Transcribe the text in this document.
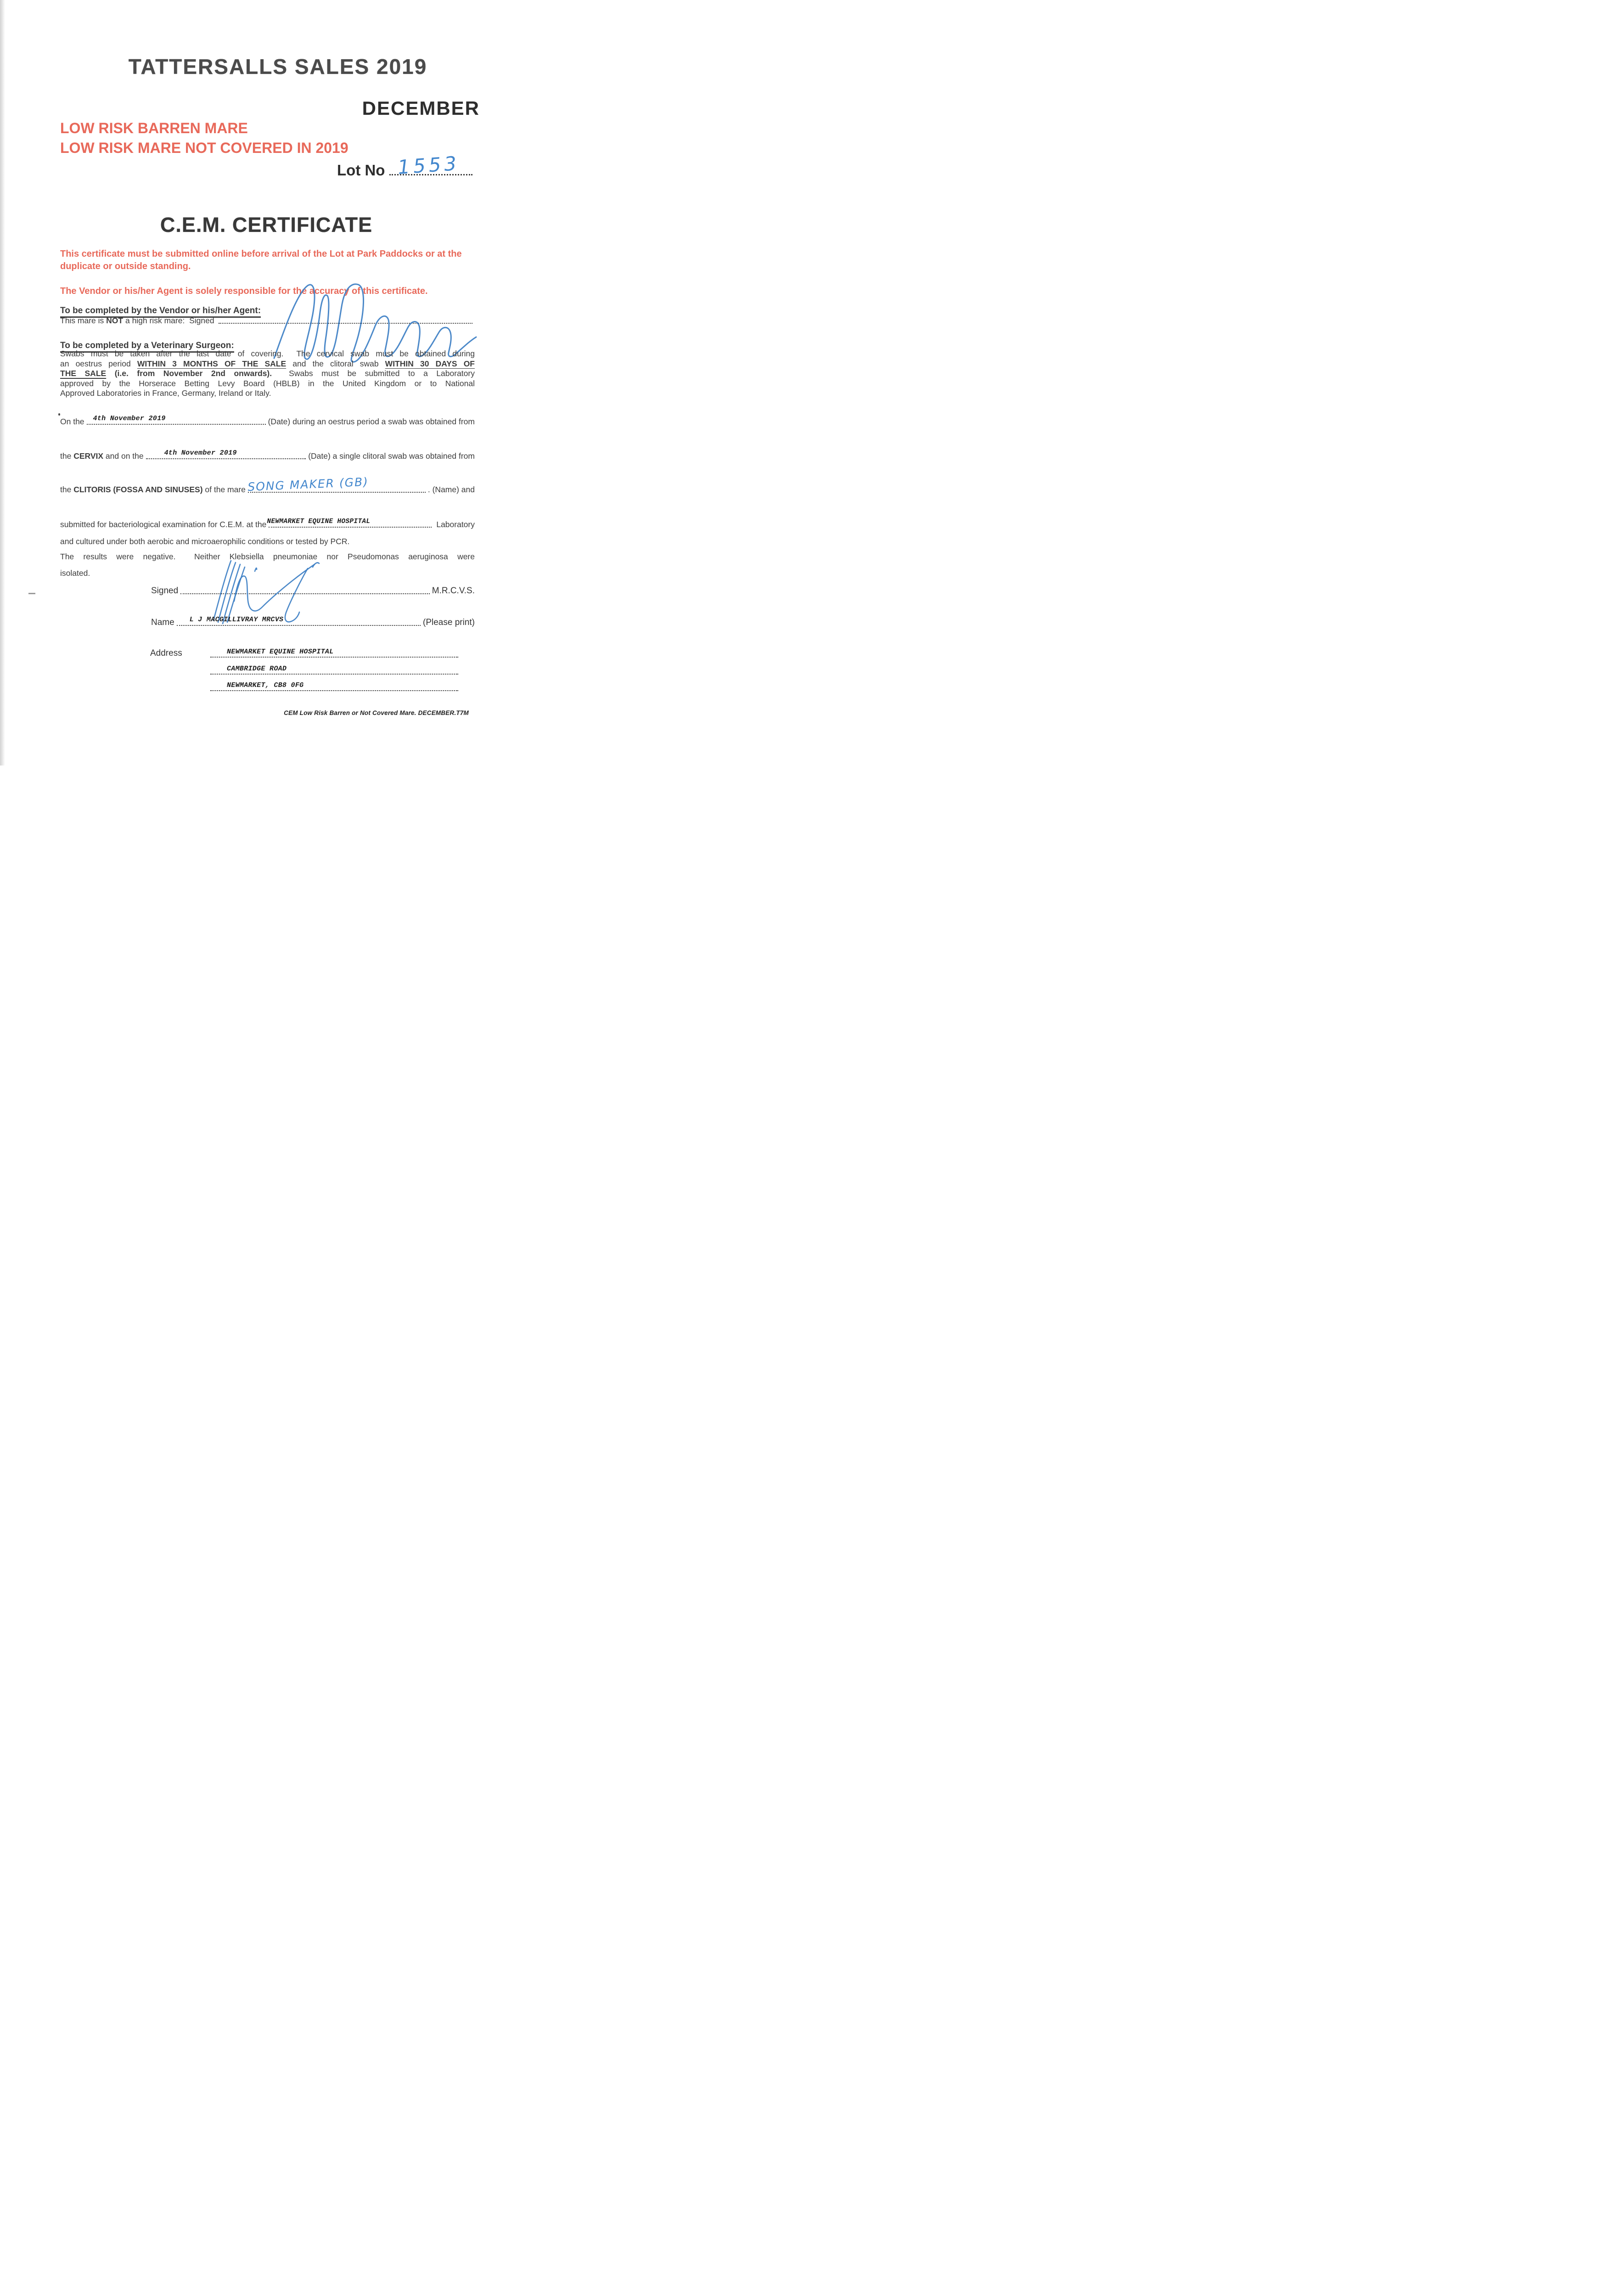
TATTERSALLS SALES 2019
DECEMBER
LOW RISK BARREN MARE
LOW RISK MARE NOT COVERED IN 2019
Lot No 1553
C.E.M. CERTIFICATE
This certificate must be submitted online before arrival of the Lot at Park Paddocks or at the duplicate or outside standing.
The Vendor or his/her Agent is solely responsible for the accuracy of this certificate.
To be completed by the Vendor or his/her Agent:
This mare is NOT a high risk mare: Signed
To be completed by a Veterinary Surgeon:
Swabs must be taken after the last date of covering.  The cervical swab must be obtained during
an oestrus period WITHIN 3 MONTHS OF THE SALE and the clitoral swab WITHIN 30 DAYS OF
THE SALE (i.e. from November 2nd onwards).  Swabs must be submitted to a Laboratory
approved by the Horserace Betting Levy Board (HBLB) in the United Kingdom or to National
Approved Laboratories in France, Germany, Ireland or Italy.
On the 4th November 2019	(Date) during an oestrus period a swab was obtained from
the CERVIX and on the	4th November 2019	(Date) a single clitoral swab was obtained from
the CLITORIS (FOSSA AND SINUSES) of the mare SONG MAKER (GB)	. (Name) and
submitted for bacteriological examination for C.E.M. at the NEWMARKET EQUINE HOSPITAL	Laboratory
and cultured under both aerobic and microaerophilic conditions or tested by PCR.
The results were negative.  Neither Klebsiella pneumoniae nor Pseudomonas aeruginosa were
isolated.
Signed	M.R.C.V.S.
Name L J MACGILLIVRAY MRCVS	(Please print)
Address	NEWMARKET EQUINE HOSPITAL
CAMBRIDGE ROAD
NEWMARKET, CB8 0FG
CEM Low Risk Barren or Not Covered Mare. DECEMBER.T7M
